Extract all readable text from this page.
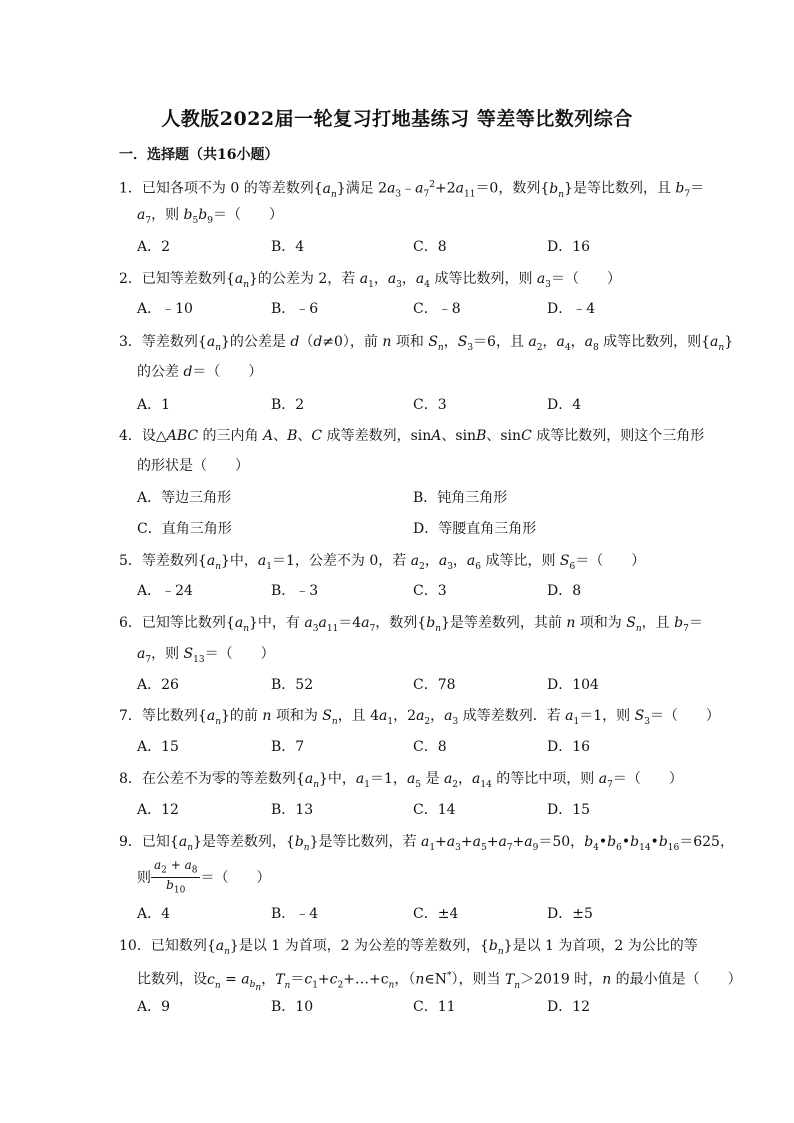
人教版2022届一轮复习打地基练习 等差等比数列综合
一．选择题（共16小题）
1．已知各项不为 0 的等差数列$\{a_n\}$满足 $2a_3﹣a_7^2+2a_{11}=0$，数列$\{b_n\}$是等比数列，且 $b_7=$
$a_7$，则 $b_5b_9=$（　　）
A．2	B．4	C．8	D．16
2．已知等差数列$\{a_n\}$的公差为 2，若 $a_1$，$a_3$，$a_4$ 成等比数列，则 $a_3=$（　　）
A．﹣10	B．﹣6	C．﹣8	D．﹣4
3．等差数列$\{a_n\}$的公差是 d（d≠0），前 n 项和 $S_n$，$S_3=6$，且 $a_2$，$a_4$，$a_8$ 成等比数列，则$\{a_n\}$
的公差 d＝（　　）
A．1	B．2	C．3	D．4
4．设△ABC 的三内角 A、B、C 成等差数列，sinA、sinB、sinC 成等比数列，则这个三角形
的形状是（　　）
A．等边三角形	B．钝角三角形
C．直角三角形	D．等腰直角三角形
5．等差数列$\{a_n\}$中，$a_1=1$，公差不为 0，若 $a_2$，$a_3$，$a_6$ 成等比，则 $S_6=$（　　）
A．﹣24	B．﹣3	C．3	D．8
6．已知等比数列$\{a_n\}$中，有 $a_3a_{11}=4a_7$，数列$\{b_n\}$是等差数列，其前 n 项和为 $S_n$，且 $b_7=$
$a_7$，则 $S_{13}=$（　　）
A．26	B．52	C．78	D．104
7．等比数列$\{a_n\}$的前 n 项和为 $S_n$，且 $4a_1$，$2a_2$，$a_3$ 成等差数列．若 $a_1=1$，则 $S_3=$（　　）
A．15	B．7	C．8	D．16
8．在公差不为零的等差数列$\{a_n\}$中，$a_1=1$，$a_5$ 是 $a_2$，$a_{14}$ 的等比中项，则 $a_7=$（　　）
A．12	B．13	C．14	D．15
9．已知$\{a_n\}$是等差数列，$\{b_n\}$是等比数列，若 $a_1+a_3+a_5+a_7+a_9=50$，$b_4•b_6•b_{14}•b_{16}=625$，
则 $\frac{a_2 + a_8}{b_{10}}$ ＝（　　）
A．4	B．﹣4	C．±4	D．±5
10．已知数列$\{a_n\}$是以 1 为首项，2 为公差的等差数列，$\{b_n\}$是以 1 为首项，2 为公比的等
比数列，设$c_n = a_{b_n}$，$T_n=c_1+c_2+\dots+c_n$，（n∈N*），则当 $T_n>2019$ 时，n 的最小值是（　　）
A．9	B．10	C．11	D．12
